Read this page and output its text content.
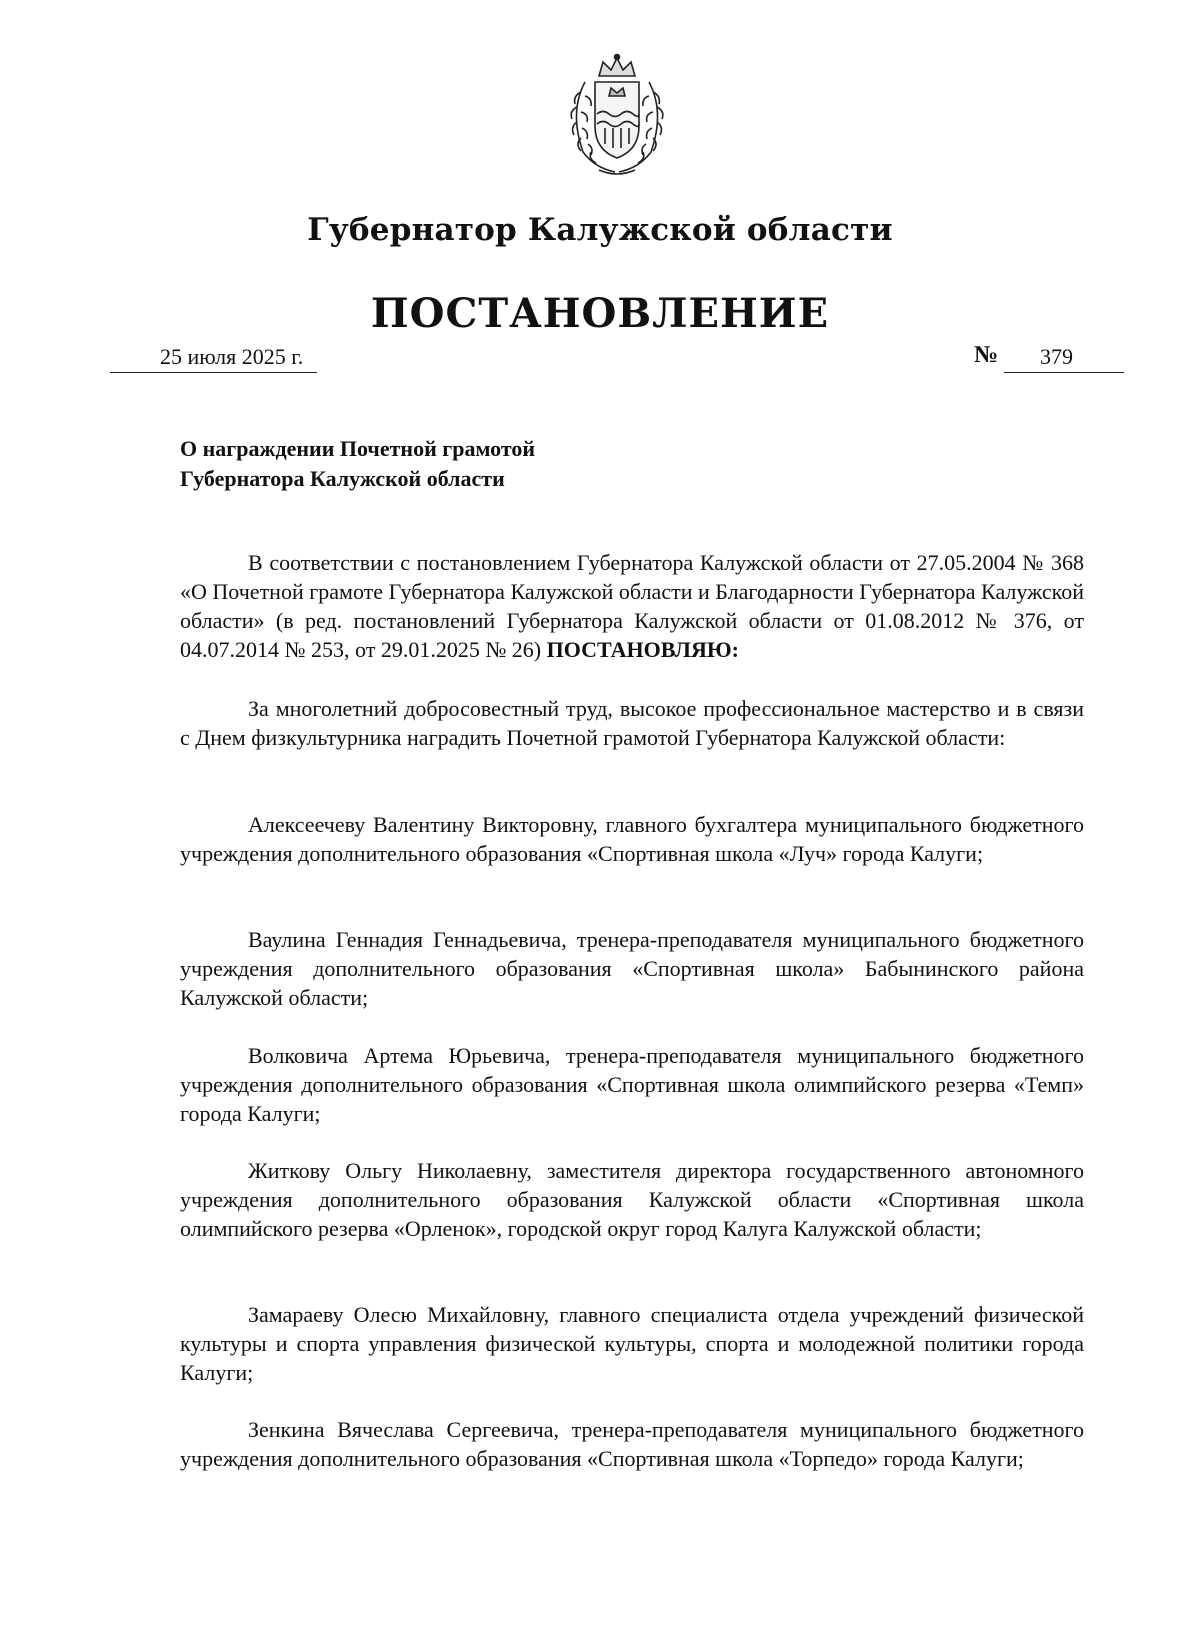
Губернатор Калужской области
ПОСТАНОВЛЕНИЕ
25 июля 2025 г.	№ 379
О награждении Почетной грамотой
Губернатора Калужской области

В соответствии с постановлением Губернатора Калужской области от 27.05.2004 № 368 «О Почетной грамоте Губернатора Калужской области и Благодарности Губернатора Калужской области» (в ред. постановлений Губернатора Калужской области от 01.08.2012 № 376, от 04.07.2014 № 253, от 29.01.2025 № 26) ПОСТАНОВЛЯЮ:

За многолетний добросовестный труд, высокое профессиональное мастерство и в связи с Днем физкультурника наградить Почетной грамотой Губернатора Калужской области:

Алексеечеву Валентину Викторовну, главного бухгалтера муниципального бюджетного учреждения дополнительного образования «Спортивная школа «Луч» города Калуги;

Ваулина Геннадия Геннадьевича, тренера-преподавателя муниципального бюджетного учреждения дополнительного образования «Спортивная школа» Бабынинского района Калужской области;

Волковича Артема Юрьевича, тренера-преподавателя муниципального бюджетного учреждения дополнительного образования «Спортивная школа олимпийского резерва «Темп» города Калуги;

Житкову Ольгу Николаевну, заместителя директора государственного автономного учреждения дополнительного образования Калужской области «Спортивная школа олимпийского резерва «Орленок», городской округ город Калуга Калужской области;

Замараеву Олесю Михайловну, главного специалиста отдела учреждений физической культуры и спорта управления физической культуры, спорта и молодежной политики города Калуги;

Зенкина Вячеслава Сергеевича, тренера-преподавателя муниципального бюджетного учреждения дополнительного образования «Спортивная школа «Торпедо» города Калуги;
